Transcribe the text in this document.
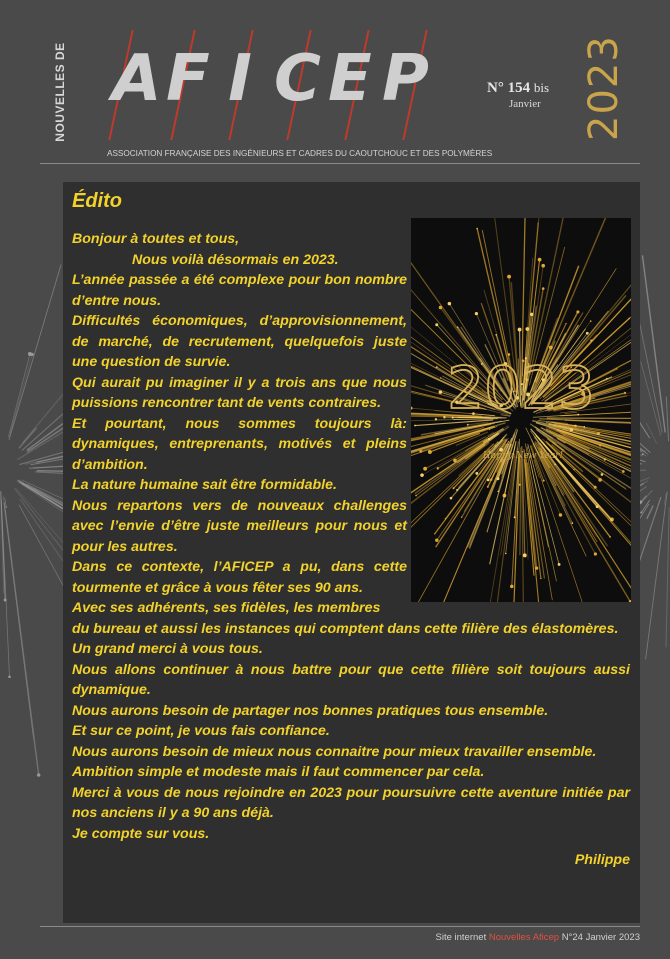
NOUVELLES DE A
F I C
E
P	N° 154 bis
Janvier 2023
ASSOCIATION FRANÇAISE DES INGÉNIEURS ET CADRES DU CAOUTCHOUC ET DES POLYMÈRES
Édito
2023
Happy New Year!

Bonjour à toutes et tous,

Nous voilà désormais en 2023.

L’année passée a été complexe pour bon nombre d’entre nous.

Difficultés économiques, d’approvisionnement, de marché, de recrutement, quelquefois juste une question de survie.

Qui aurait pu imaginer il y a trois ans que nous puissions rencontrer tant de vents contraires.

Et pourtant, nous sommes toujours là: dynamiques, entreprenants, motivés et pleins d’ambition.

La nature humaine sait être formidable.

Nous repartons vers de nouveaux challenges avec l’envie d’être juste meilleurs pour nous et pour les autres.

Dans ce contexte, l’AFICEP a pu, dans cette tourmente et grâce à vous fêter ses 90 ans.

Avec ses adhérents, ses fidèles, les membres

du bureau et aussi les instances qui comptent dans cette filière des élastomères.

Un grand merci à vous tous.

Nous allons continuer à nous battre pour que cette filière soit toujours aussi dynamique.

Nous aurons besoin de partager nos bonnes pratiques tous ensemble.

Et sur ce point, je vous fais confiance.

Nous aurons besoin de mieux nous connaitre pour mieux travailler ensemble.

Ambition simple et modeste mais il faut commencer par cela.

Merci à vous de nous rejoindre en 2023 pour poursuivre cette aventure initiée par nos anciens il y a 90 ans déjà.

Je compte sur vous.

Philippe

Site internet Nouvelles Aficep N°24 Janvier 2023
